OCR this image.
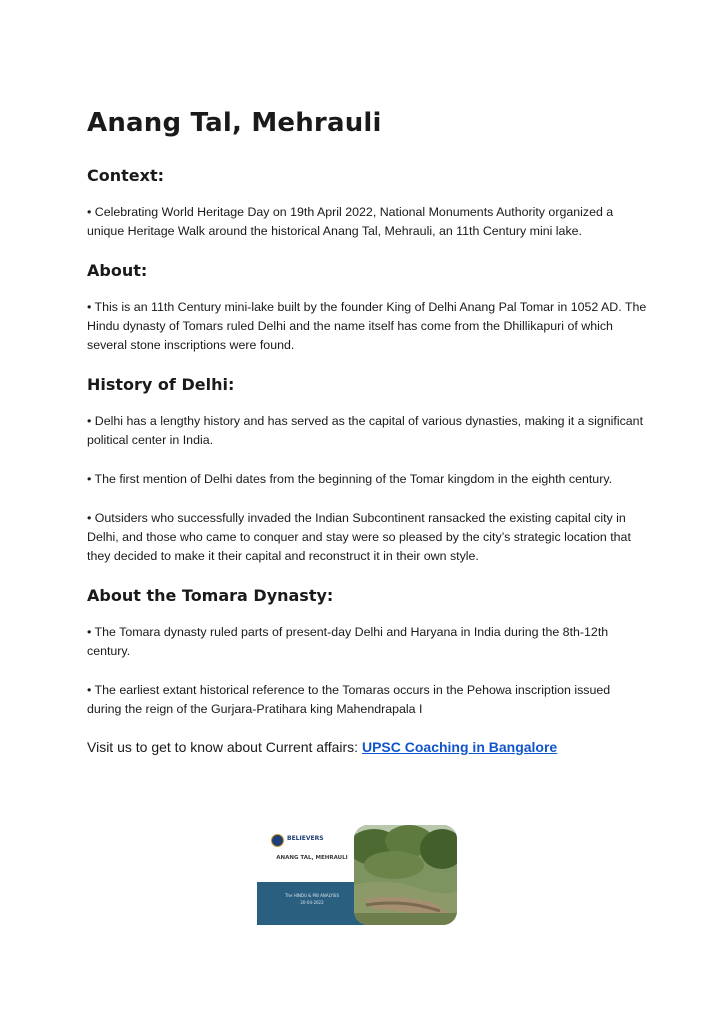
Anang Tal, Mehrauli
Context:

• Celebrating World Heritage Day on 19th April 2022, National Monuments Authority organized a unique Heritage Walk around the historical Anang Tal, Mehrauli, an 11th Century mini lake.

About:

• This is an 11th Century mini-lake built by the founder King of Delhi Anang Pal Tomar in 1052 AD. The Hindu dynasty of Tomars ruled Delhi and the name itself has come from the Dhillikapuri of which several stone inscriptions were found.

History of Delhi:

• Delhi has a lengthy history and has served as the capital of various dynasties, making it a significant political center in India.

• The first mention of Delhi dates from the beginning of the Tomar kingdom in the eighth century.

• Outsiders who successfully invaded the Indian Subcontinent ransacked the existing capital city in Delhi, and those who came to conquer and stay were so pleased by the city’s strategic location that they decided to make it their capital and reconstruct it in their own style.

About the Tomara Dynasty:

• The Tomara dynasty ruled parts of present-day Delhi and Haryana in India during the 8th-12th century.

• The earliest extant historical reference to the Tomaras occurs in the Pehowa inscription issued during the reign of the Gurjara-Pratihara king Mahendrapala I

Visit us to get to know about Current affairs: UPSC Coaching in Bangalore
BELIEVERS
ANANG TAL, MEHRAULI
The HINDU & PIB ANALYSIS
20-04-2022
